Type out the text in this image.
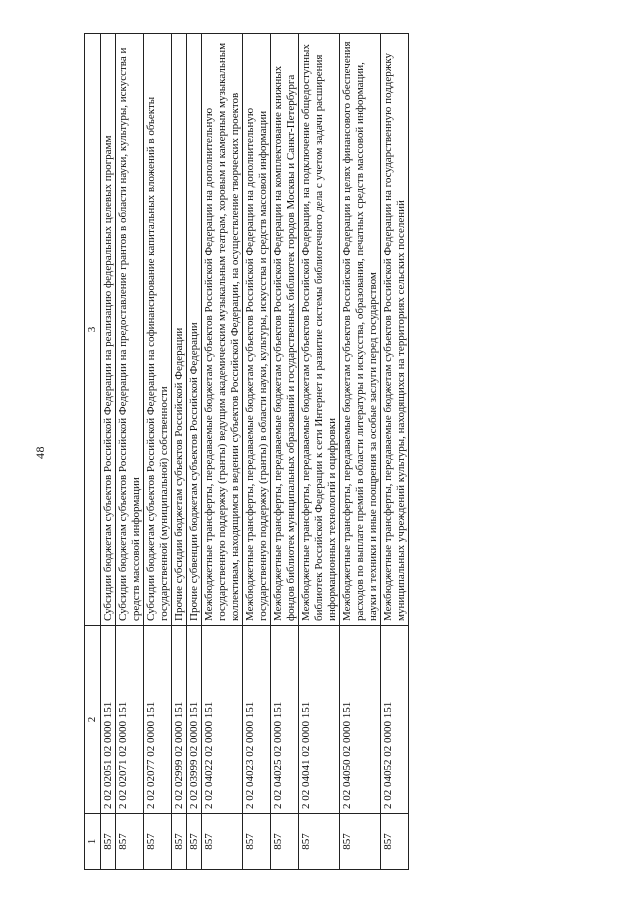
48
1	2	3
857	2 02 02051 02 0000 151	Субсидии бюджетам субъектов Российской Федерации на реализацию федеральных целевых программ
857	2 02 02071 02 0000 151	Субсидии бюджетам субъектов Российской Федерации на предоставление грантов в области науки, культуры, искусства и средств массовой информации
857	2 02 02077 02 0000 151	Субсидии бюджетам субъектов Российской Федерации на софинансирование капитальных вложений в объекты государственной (муниципальной) собственности
857	2 02 02999 02 0000 151	Прочие субсидии бюджетам субъектов Российской Федерации
857	2 02 03999 02 0000 151	Прочие субвенции бюджетам субъектов Российской Федерации
857	2 02 04022 02 0000 151	Межбюджетные трансферты, передаваемые бюджетам субъектов Российской Федерации на дополнительную государственную поддержку (гранты) ведущим академическим музыкальным театрам, хоровым и камерным музыкальным коллективам, находящимся в ведении субъектов Российской Федерации, на осуществление творческих проектов
857	2 02 04023 02 0000 151	Межбюджетные трансферты, передаваемые бюджетам субъектов Российской Федерации на дополнительную государственную поддержку (гранты) в области науки, культуры, искусства и средств массовой информации
857	2 02 04025 02 0000 151	Межбюджетные трансферты, передаваемые бюджетам субъектов Российской Федерации на комплектование книжных фондов библиотек муниципальных образований и государственных библиотек городов Москвы и Санкт-Петербурга
857	2 02 04041 02 0000 151	Межбюджетные трансферты, передаваемые бюджетам субъектов Российской Федерации, на подключение общедоступных библиотек Российской Федерации к сети Интернет и развитие системы библиотечного дела с учетом задачи расширения информационных технологий и оцифровки
857	2 02 04050 02 0000 151	Межбюджетные трансферты, передаваемые бюджетам субъектов Российской Федерации в целях финансового обеспечения расходов по выплате премий в области литературы и искусства, образования, печатных средств массовой информации, науки и техники и иные поощрения за особые заслуги перед государством
857	2 02 04052 02 0000 151	Межбюджетные трансферты, передаваемые бюджетам субъектов Российской Федерации на государственную поддержку муниципальных учреждений культуры, находящихся на территориях сельских поселений
